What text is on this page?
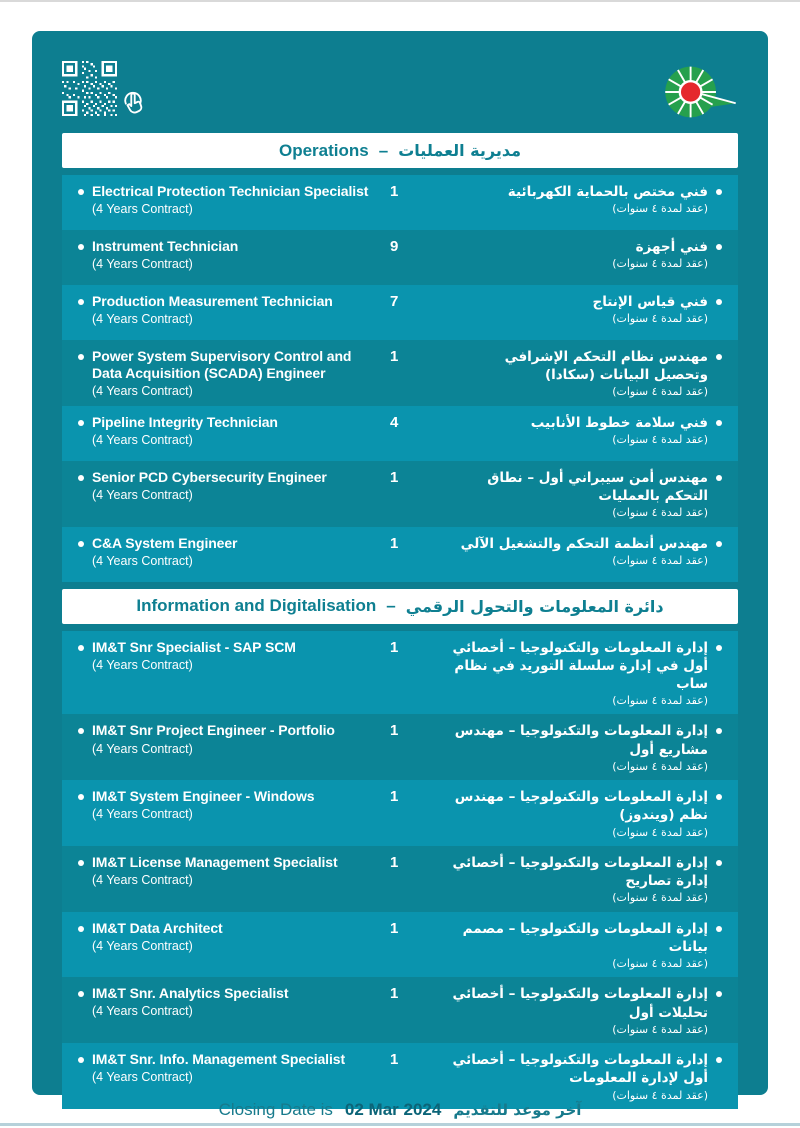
Operations – مديرية العمليات
Electrical Protection Technician Specialist
(4 Years Contract)
1	فني مختص بالحماية الكهربائية
(عقد لمدة ٤ سنوات)
Instrument Technician
(4 Years Contract)
9	فني أجهزة
(عقد لمدة ٤ سنوات)
Production Measurement Technician
(4 Years Contract)
7	فني قياس الإنتاج
(عقد لمدة ٤ سنوات)
Power System Supervisory Control and Data Acquisition (SCADA) Engineer
(4 Years Contract)
1	مهندس نظام التحكم الإشرافي وتحصيل البيانات (سكادا)
(عقد لمدة ٤ سنوات)
Pipeline Integrity Technician
(4 Years Contract)
4	فني سلامة خطوط الأنابيب
(عقد لمدة ٤ سنوات)
Senior PCD Cybersecurity Engineer
(4 Years Contract)
1	مهندس أمن سيبراني أول – نطاق التحكم بالعمليات
(عقد لمدة ٤ سنوات)
C&A System Engineer
(4 Years Contract)
1	مهندس أنظمة التحكم والتشغيل الآلي
(عقد لمدة ٤ سنوات)
Information and Digitalisation – دائرة المعلومات والتحول الرقمي
IM&T Snr Specialist - SAP SCM
(4 Years Contract)
1	إدارة المعلومات والتكنولوجيا – أخصائي أول في إدارة سلسلة التوريد في نظام ساب
(عقد لمدة ٤ سنوات)
IM&T Snr Project Engineer - Portfolio
(4 Years Contract)
1	إدارة المعلومات والتكنولوجيا – مهندس مشاريع أول
(عقد لمدة ٤ سنوات)
IM&T System Engineer - Windows
(4 Years Contract)
1	إدارة المعلومات والتكنولوجيا – مهندس نظم (ويندوز)
(عقد لمدة ٤ سنوات)
IM&T License Management Specialist
(4 Years Contract)
1	إدارة المعلومات والتكنولوجيا – أخصائي إدارة تصاريح
(عقد لمدة ٤ سنوات)
IM&T Data Architect
(4 Years Contract)
1	إدارة المعلومات والتكنولوجيا – مصمم بيانات
(عقد لمدة ٤ سنوات)
IM&T Snr. Analytics Specialist
(4 Years Contract)
1	إدارة المعلومات والتكنولوجيا – أخصائي تحليلات أول
(عقد لمدة ٤ سنوات)
IM&T Snr. Info. Management Specialist
(4 Years Contract)
1	إدارة المعلومات والتكنولوجيا – أخصائي أول لإدارة المعلومات
(عقد لمدة ٤ سنوات)
Closing Date is 02 Mar 2024 آخر موعد للتقديم
